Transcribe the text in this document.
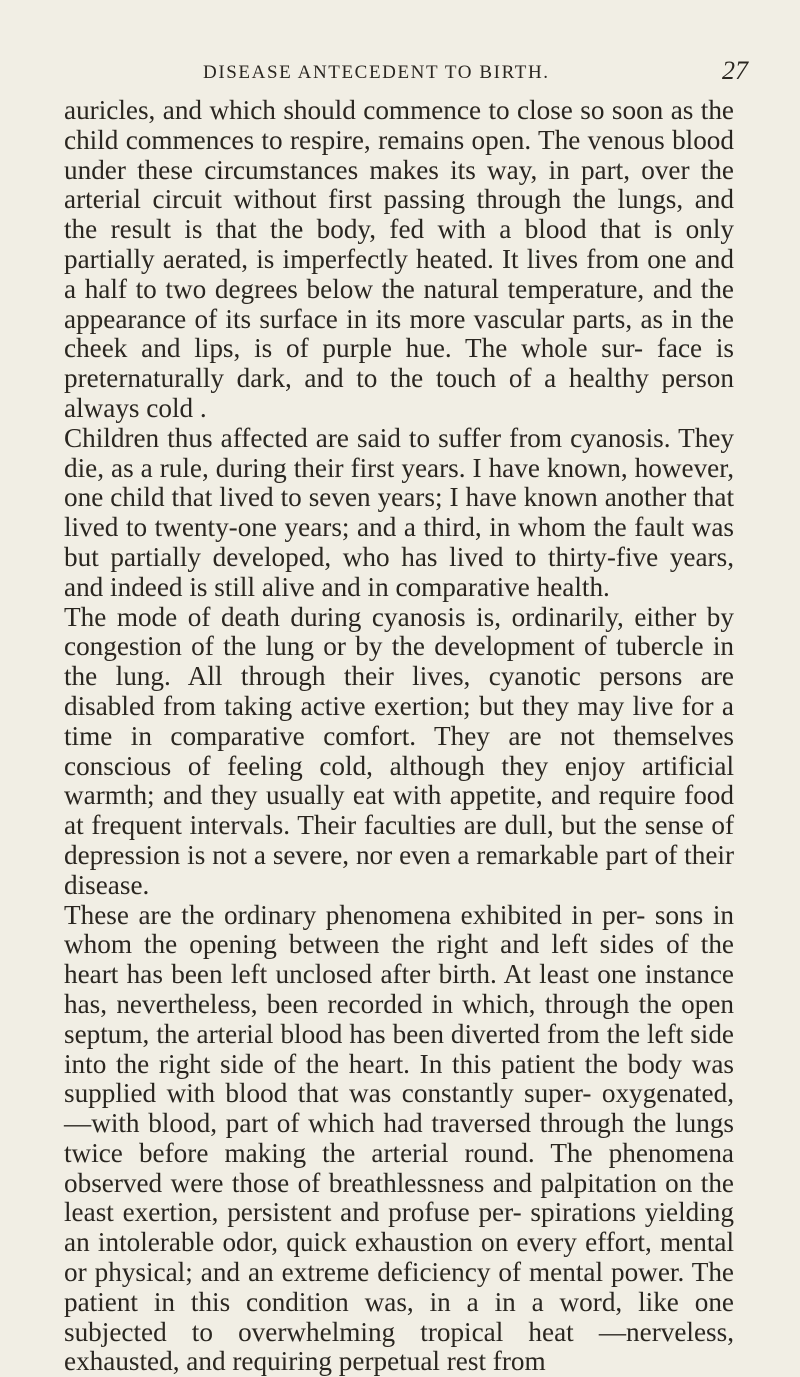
DISEASE ANTECEDENT TO BIRTH.	27

auricles, and which should commence to close so soon as the child commences to respire, remains open. The venous blood under these circumstances makes its way, in part, over the arterial circuit without first passing through the lungs, and the result is that the body, fed with a blood that is only partially aerated, is imperfectly heated. It lives from one and a half to two degrees below the natural temperature, and the appearance of its surface in its more vascular parts, as in the cheek and lips, is of purple hue. The whole sur- face is preternaturally dark, and to the touch of a healthy person always cold .

Children thus affected are said to suffer from cyanosis. They die, as a rule, during their first years. I have known, however, one child that lived to seven years; I have known another that lived to twenty-one years; and a third, in whom the fault was but partially developed, who has lived to thirty-five years, and indeed is still alive and in comparative health.

The mode of death during cyanosis is, ordinarily, either by congestion of the lung or by the development of tubercle in the lung. All through their lives, cyanotic persons are disabled from taking active exertion; but they may live for a time in comparative comfort. They are not themselves conscious of feeling cold, although they enjoy artificial warmth; and they usually eat with appetite, and require food at frequent intervals. Their faculties are dull, but the sense of depression is not a severe, nor even a remarkable part of their disease.

These are the ordinary phenomena exhibited in per- sons in whom the opening between the right and left sides of the heart has been left unclosed after birth. At least one instance has, nevertheless, been recorded in which, through the open septum, the arterial blood has been diverted from the left side into the right side of the heart. In this patient the body was supplied with blood that was constantly super- oxygenated,—with blood, part of which had traversed through the lungs twice before making the arterial round. The phenomena observed were those of breathlessness and palpitation on the least exertion, persistent and profuse per- spirations yielding an intolerable odor, quick exhaustion on every effort, mental or physical; and an extreme deficiency of mental power. The patient in this condition was, in a in a word, like one subjected to overwhelming tropical heat —nerveless, exhausted, and requiring perpetual rest from
